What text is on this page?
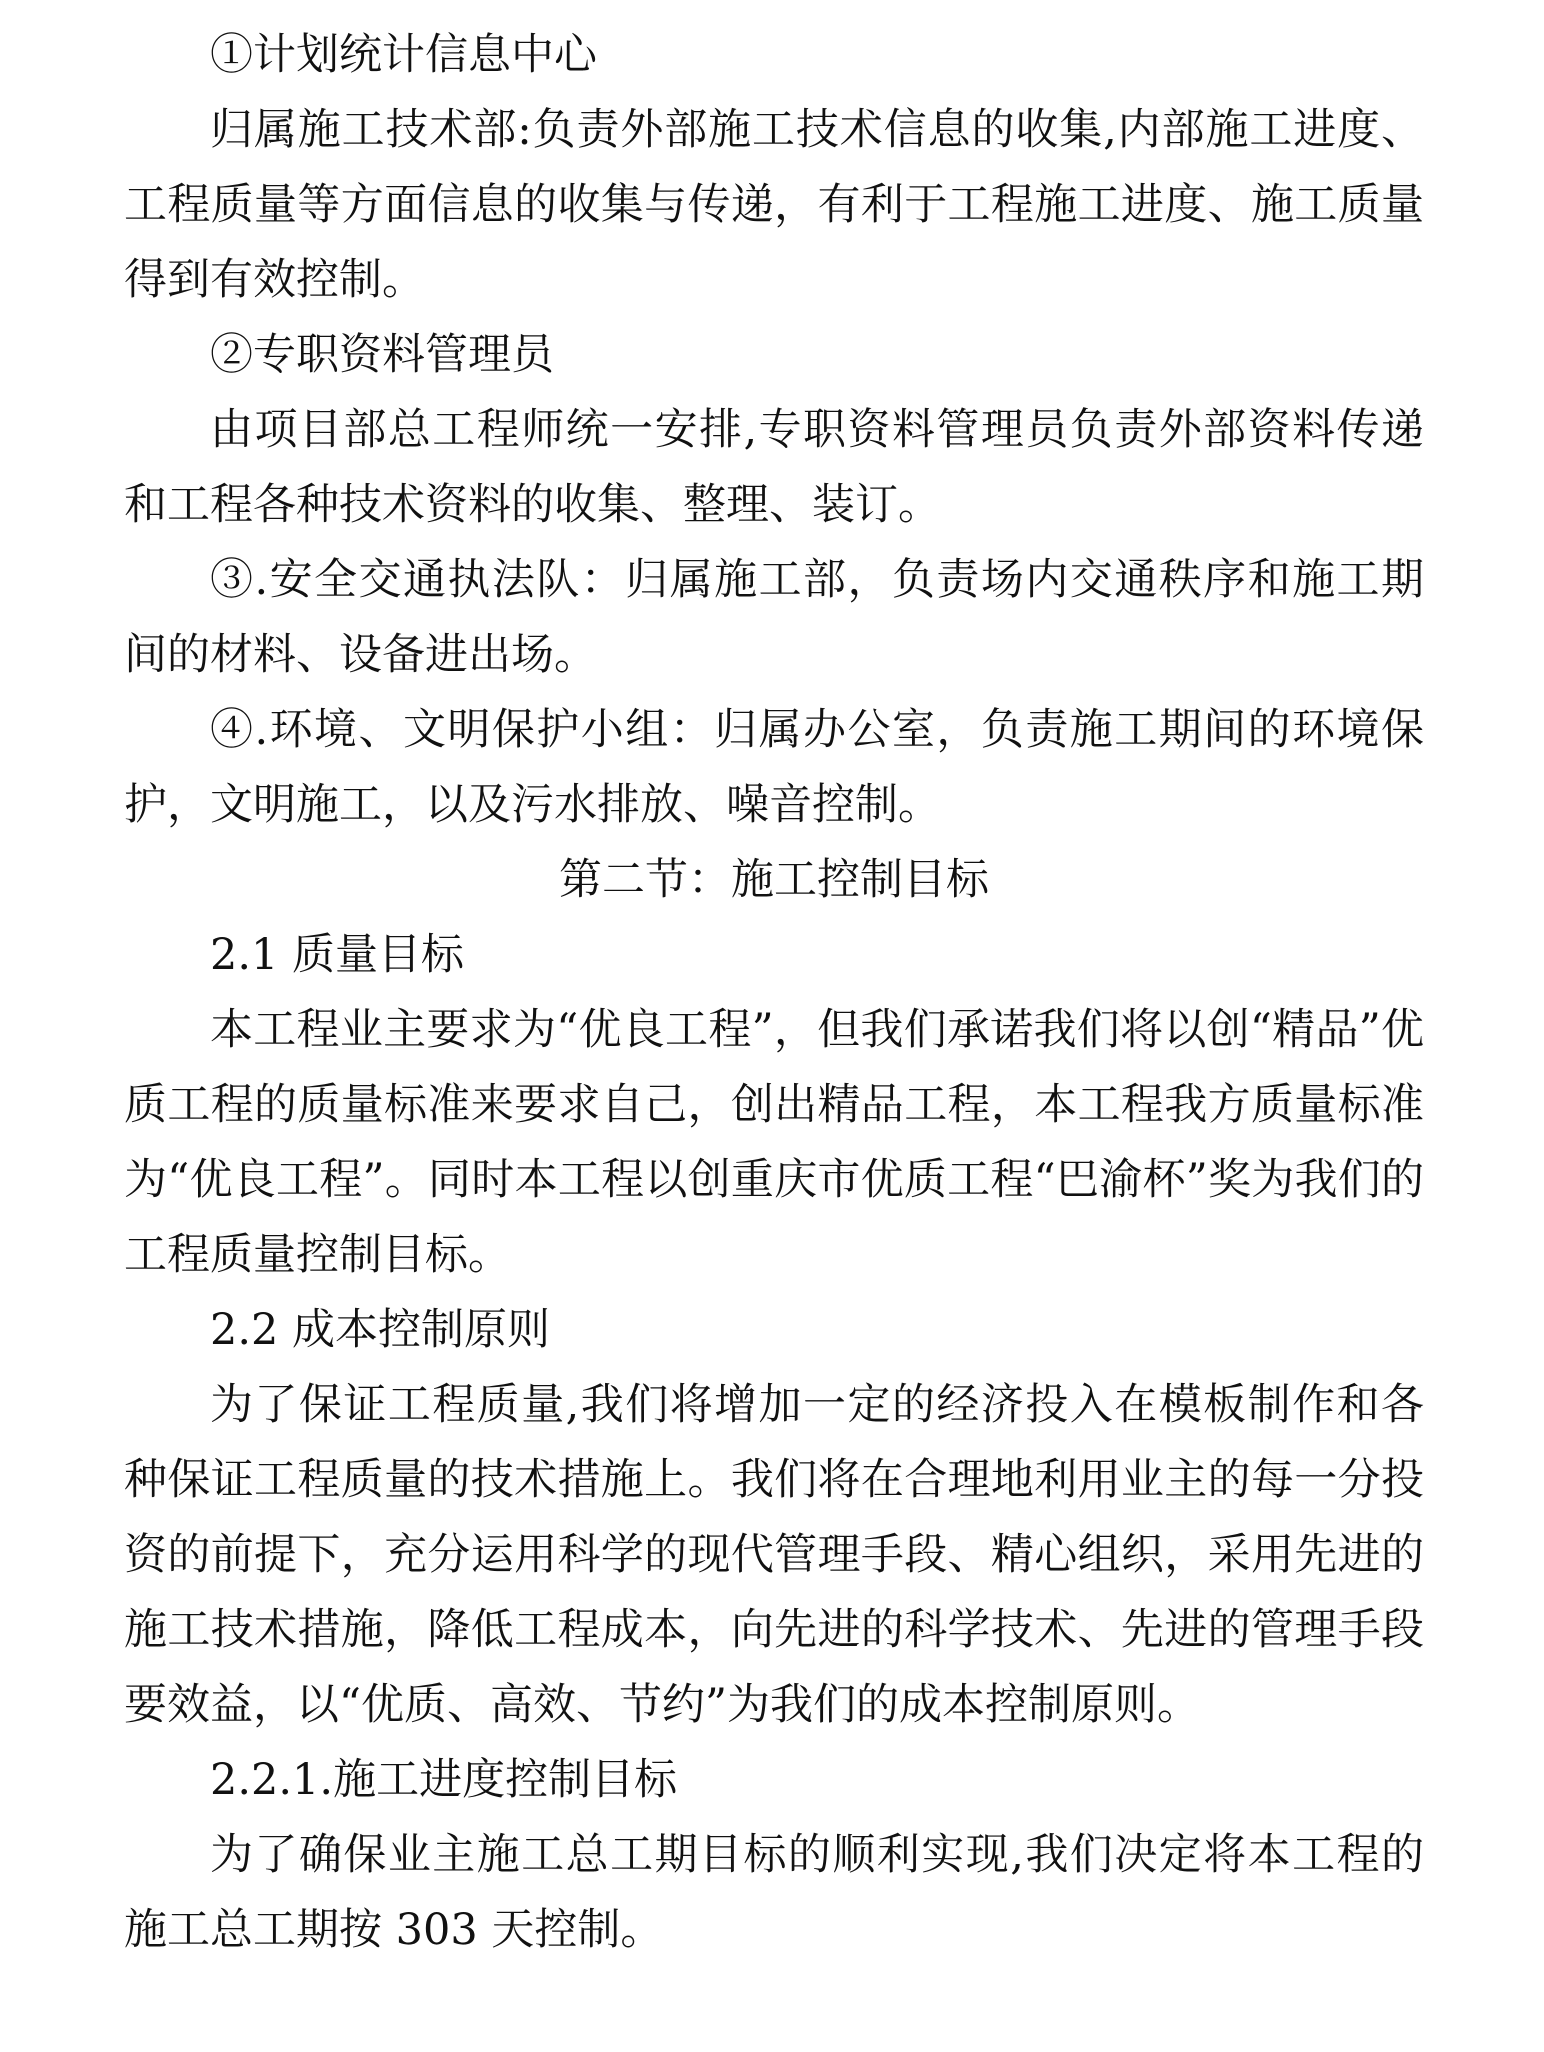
①计划统计信息中心

归属施工技术部:负责外部施工技术信息的收集,内部施工进度、工程质量等方面信息的收集与传递，有利于工程施工进度、施工质量得到有效控制。

②专职资料管理员

由项目部总工程师统一安排,专职资料管理员负责外部资料传递和工程各种技术资料的收集、整理、装订。

③.安全交通执法队：归属施工部，负责场内交通秩序和施工期间的材料、设备进出场。

④.环境、文明保护小组：归属办公室，负责施工期间的环境保护，文明施工，以及污水排放、噪音控制。

第二节：施工控制目标

2.1 质量目标

本工程业主要求为“优良工程”，但我们承诺我们将以创“精品”优质工程的质量标准来要求自己，创出精品工程，本工程我方质量标准为“优良工程”。同时本工程以创重庆市优质工程“巴渝杯”奖为我们的工程质量控制目标。

2.2 成本控制原则

为了保证工程质量,我们将增加一定的经济投入在模板制作和各种保证工程质量的技术措施上。我们将在合理地利用业主的每一分投资的前提下，充分运用科学的现代管理手段、精心组织，采用先进的施工技术措施，降低工程成本，向先进的科学技术、先进的管理手段要效益，以“优质、高效、节约”为我们的成本控制原则。

2.2.1.施工进度控制目标

为了确保业主施工总工期目标的顺利实现,我们决定将本工程的施工总工期按 303 天控制。
